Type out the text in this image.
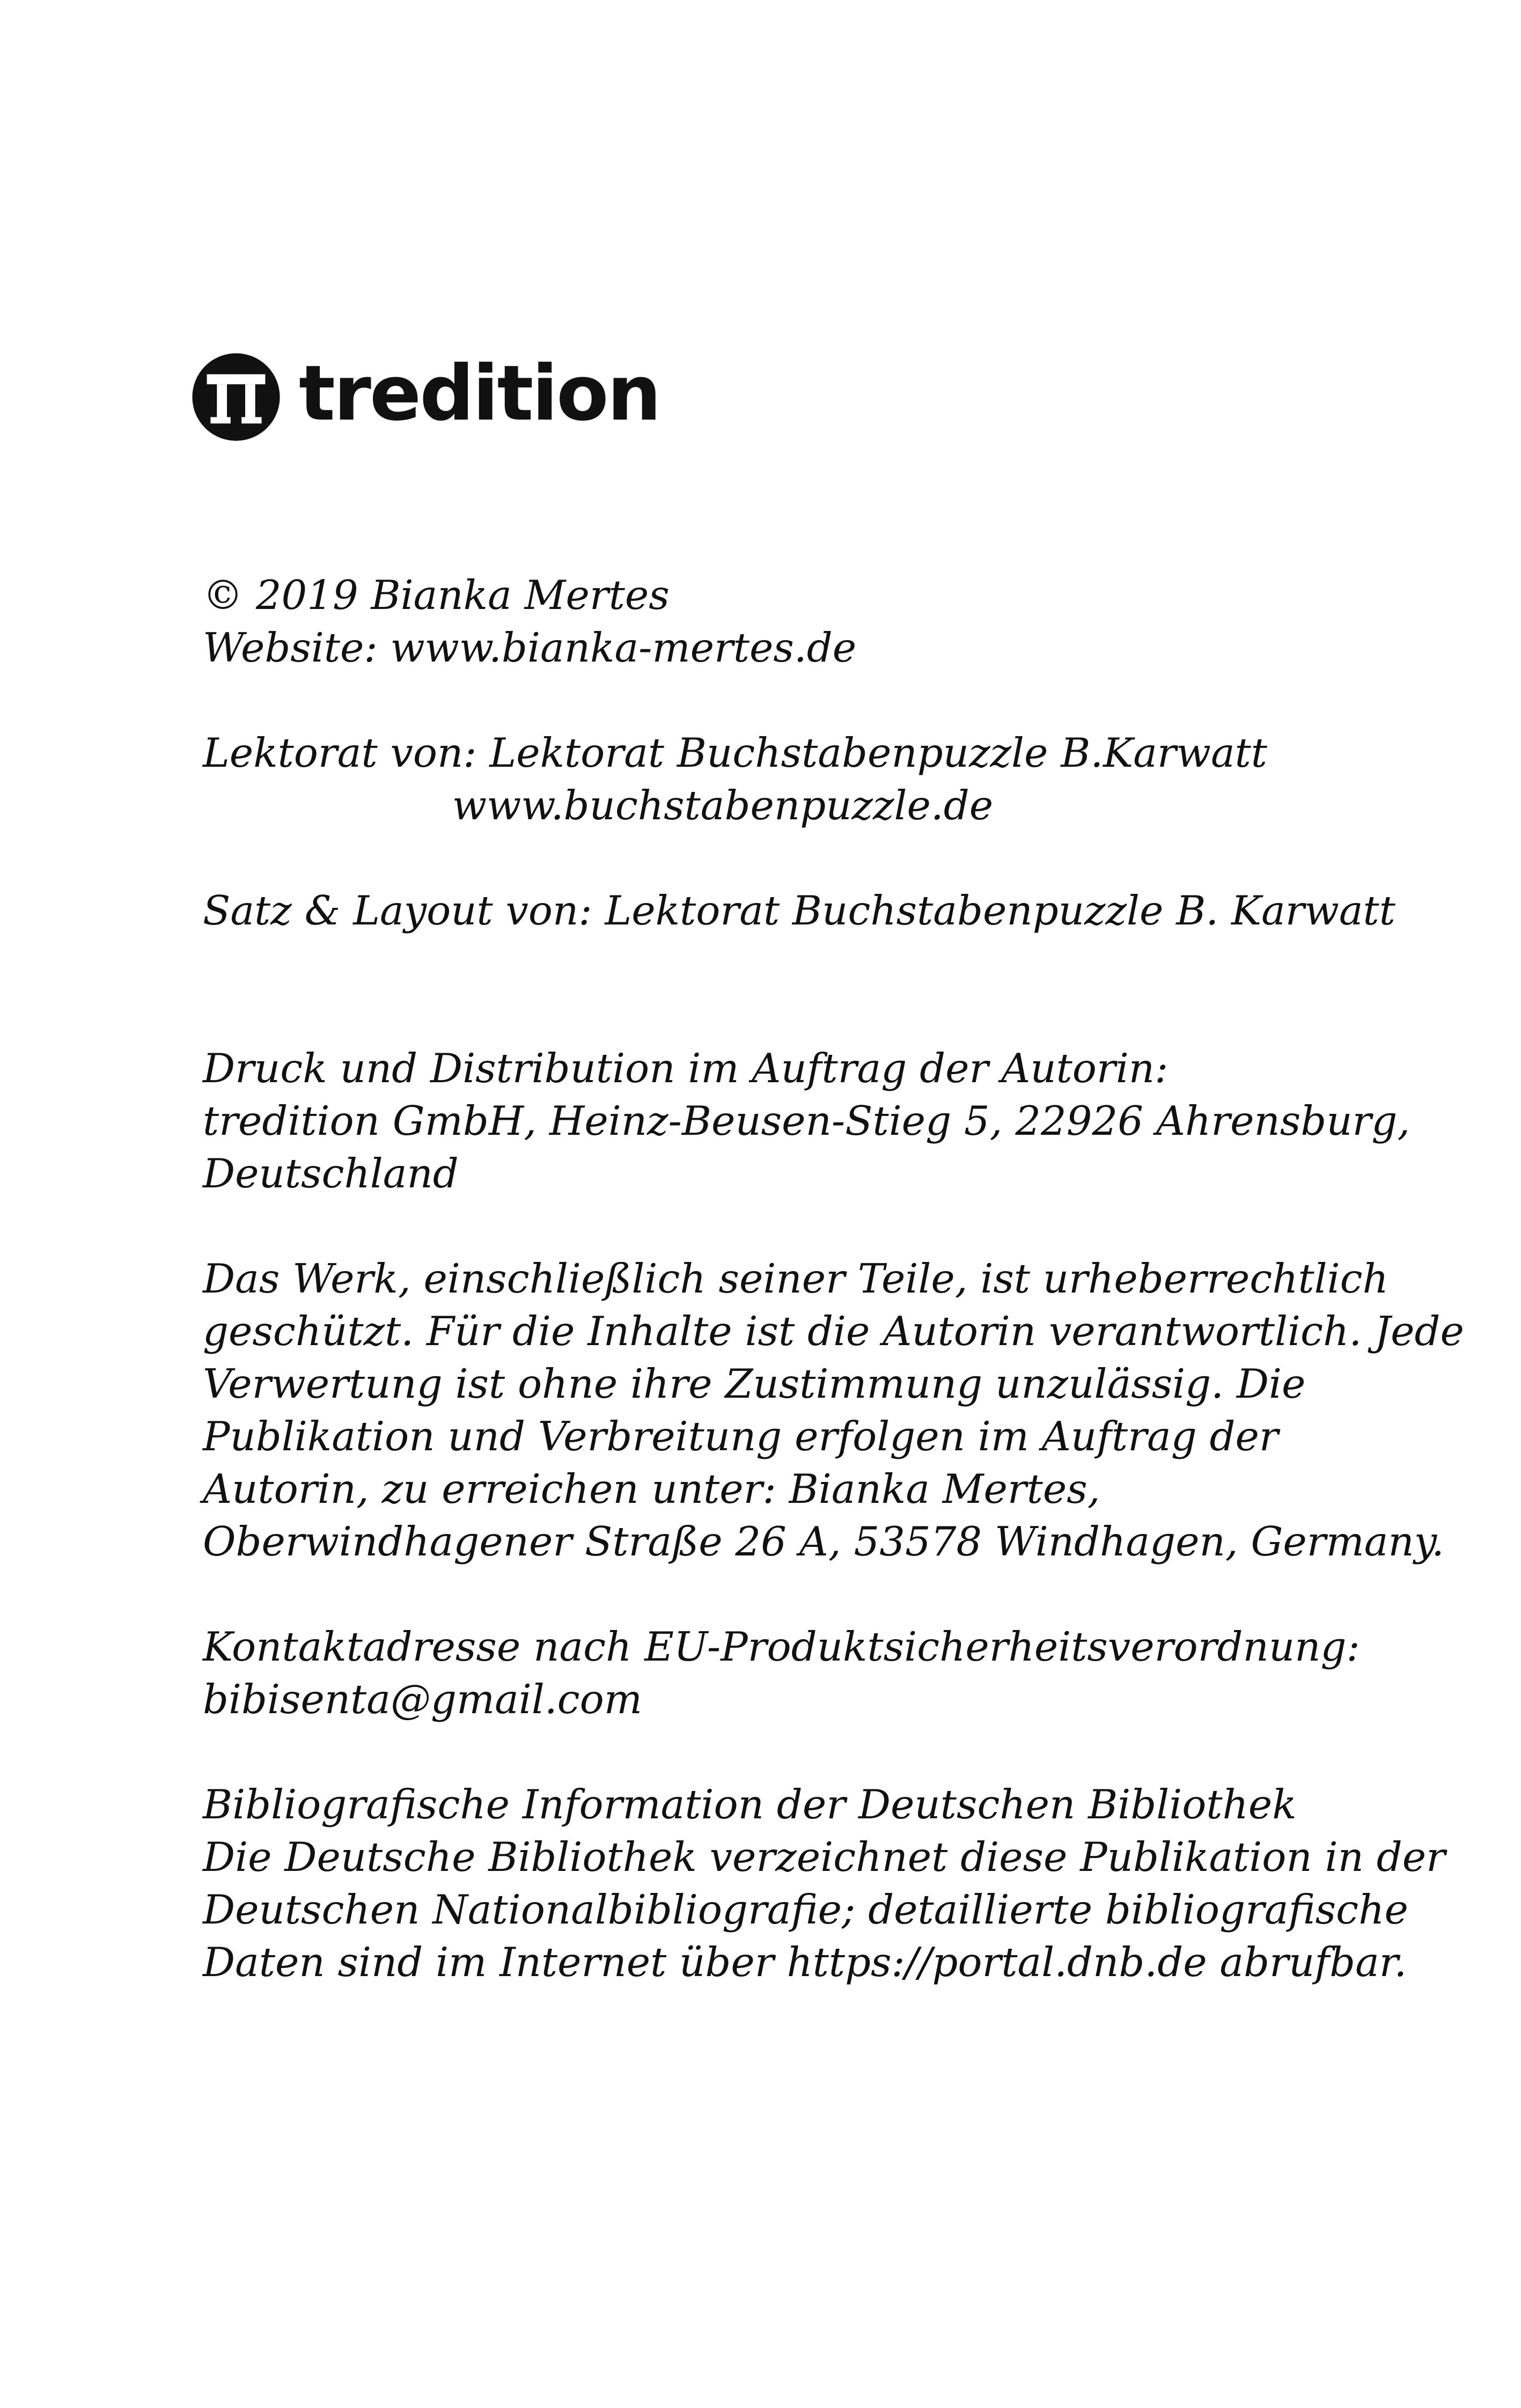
tredition
© 2019 Bianka Mertes
Website: www.bianka-mertes.de
Lektorat von: Lektorat Buchstabenpuzzle B.Karwatt
www.buchstabenpuzzle.de
Satz & Layout von: Lektorat Buchstabenpuzzle B. Karwatt
Druck und Distribution im Auftrag der Autorin:
tredition GmbH, Heinz-Beusen-Stieg 5, 22926 Ahrensburg,
Deutschland
Das Werk, einschließlich seiner Teile, ist urheberrechtlich
geschützt. Für die Inhalte ist die Autorin verantwortlich. Jede
Verwertung ist ohne ihre Zustimmung unzulässig. Die
Publikation und Verbreitung erfolgen im Auftrag der
Autorin, zu erreichen unter: Bianka Mertes,
Oberwindhagener Straße 26 A, 53578 Windhagen, Germany.
Kontaktadresse nach EU-Produktsicherheitsverordnung:
bibisenta@gmail.com
Bibliografische Information der Deutschen Bibliothek
Die Deutsche Bibliothek verzeichnet diese Publikation in der
Deutschen Nationalbibliografie; detaillierte bibliografische
Daten sind im Internet über https://portal.dnb.de abrufbar.
